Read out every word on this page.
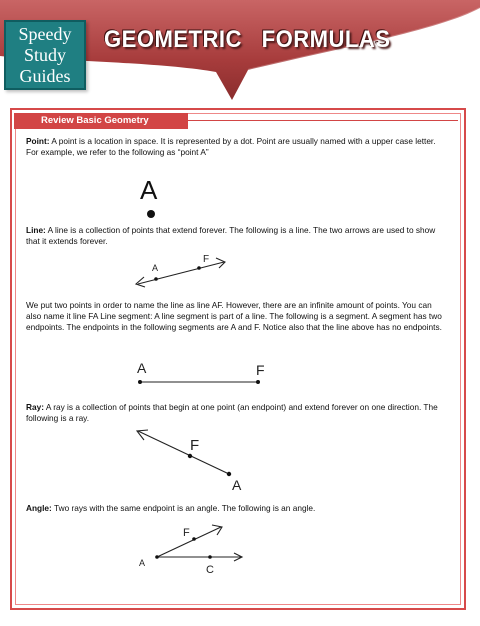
Speedy
Study
Guides
GEOMETRIC   FORMULAS
Review Basic Geometry

Point: A point is a location in space. It is represented by a dot. Point are usually named with a upper case letter. For example, we refer to the following as “point A”

A
A
F
A	F
F
A
F
A
C

Line: A line is a collection of points that extend forever. The following is a line. The two arrows are used to show that it extends forever.

We put two points in order to name the line as line AF. However, there are an infinite amount of points. You can also name it line FA Line segment: A line segment is part of a line. The following is a segment. A segment has two endpoints. The endpoints in the following segments are A and F. Notice also that the line above has no endpoints.

Ray: A ray is a collection of points that begin at one point (an endpoint) and extend forever on one direction. The following is a ray.

Angle: Two rays with the same endpoint is an angle. The following is an angle.
